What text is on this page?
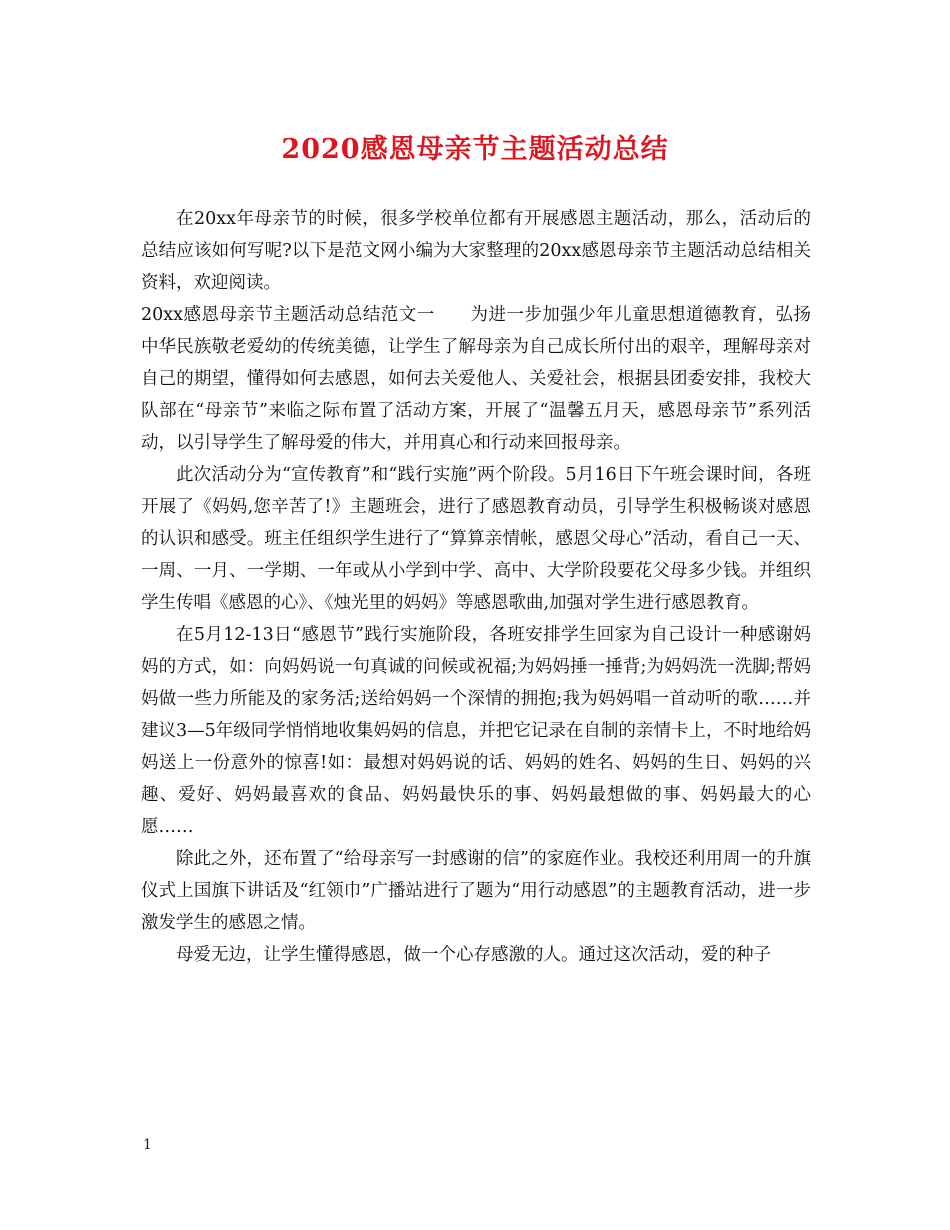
2020感恩母亲节主题活动总结

在20xx年母亲节的时候，很多学校单位都有开展感恩主题活动，那么，活动后的总结应该如何写呢?以下是范文网小编为大家整理的20xx感恩母亲节主题活动总结相关资料，欢迎阅读。

20xx感恩母亲节主题活动总结范文一　　为进一步加强少年儿童思想道德教育，弘扬中华民族敬老爱幼的传统美德，让学生了解母亲为自己成长所付出的艰辛，理解母亲对自己的期望，懂得如何去感恩，如何去关爱他人、关爱社会，根据县团委安排，我校大队部在“母亲节”来临之际布置了活动方案，开展了“温馨五月天，感恩母亲节”系列活动，以引导学生了解母爱的伟大，并用真心和行动来回报母亲。

此次活动分为“宣传教育”和“践行实施”两个阶段。5月16日下午班会课时间，各班开展了《妈妈,您辛苦了!》主题班会，进行了感恩教育动员，引导学生积极畅谈对感恩的认识和感受。班主任组织学生进行了“算算亲情帐，感恩父母心”活动，看自己一天、一周、一月、一学期、一年或从小学到中学、高中、大学阶段要花父母多少钱。并组织学生传唱《感恩的心》、《烛光里的妈妈》等感恩歌曲,加强对学生进行感恩教育。

在5月12-13日“感恩节”践行实施阶段，各班安排学生回家为自己设计一种感谢妈妈的方式，如：向妈妈说一句真诚的问候或祝福;为妈妈捶一捶背;为妈妈洗一洗脚;帮妈妈做一些力所能及的家务活;送给妈妈一个深情的拥抱;我为妈妈唱一首动听的歌……并建议3—5年级同学悄悄地收集妈妈的信息，并把它记录在自制的亲情卡上，不时地给妈妈送上一份意外的惊喜!如：最想对妈妈说的话、妈妈的姓名、妈妈的生日、妈妈的兴趣、爱好、妈妈最喜欢的食品、妈妈最快乐的事、妈妈最想做的事、妈妈最大的心愿……

除此之外，还布置了“给母亲写一封感谢的信”的家庭作业。我校还利用周一的升旗仪式上国旗下讲话及“红领巾”广播站进行了题为“用行动感恩”的主题教育活动，进一步激发学生的感恩之情。

母爱无边，让学生懂得感恩，做一个心存感激的人。通过这次活动，爱的种子

1
